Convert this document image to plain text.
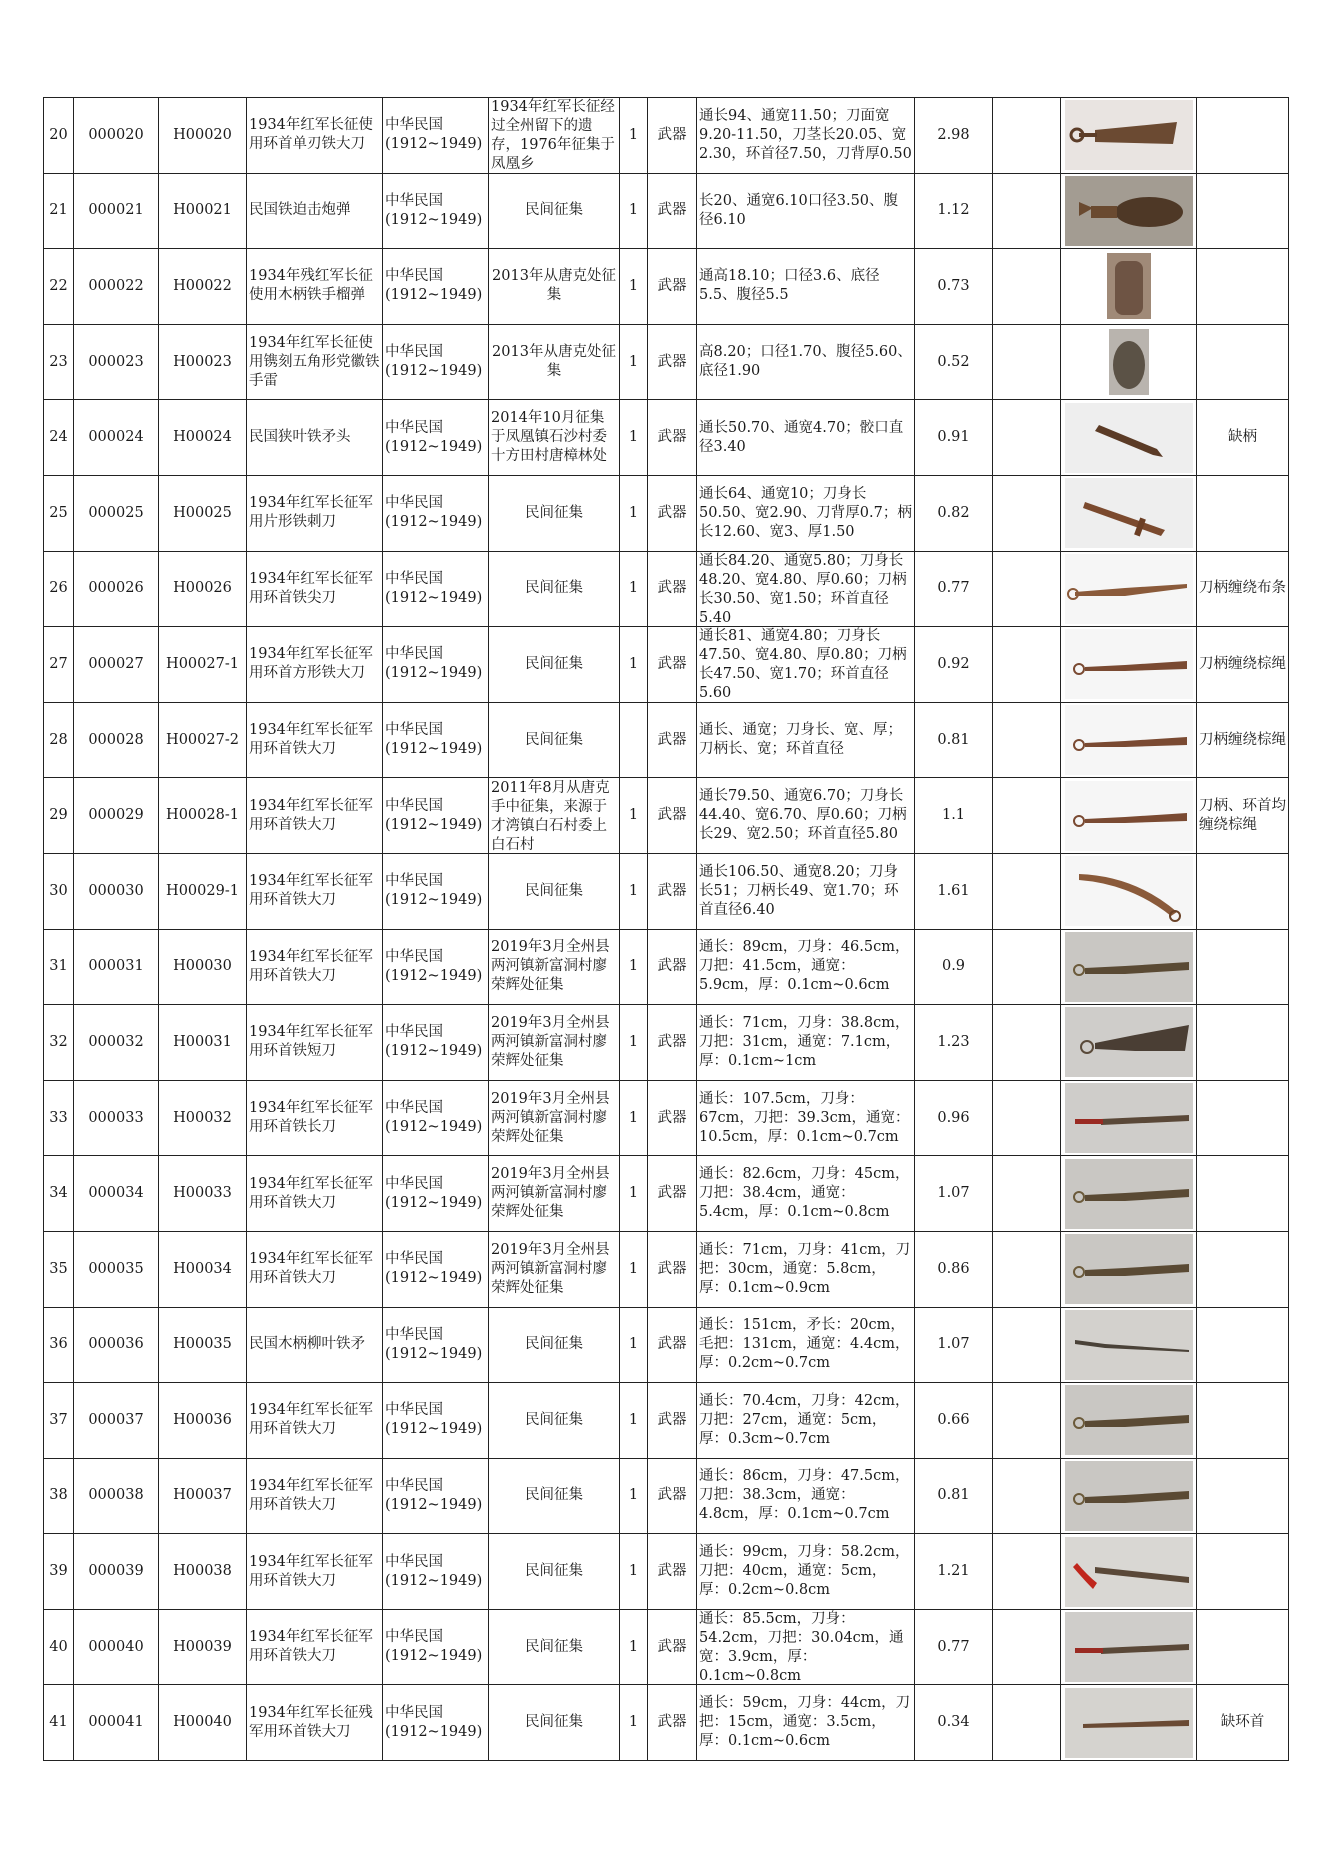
20	000020	H00020	1934年红军长征使用环首单刃铁大刀	中华民国(1912~1949)	1934年红军长征经过全州留下的遗存，1976年征集于凤凰乡	1	武器	通长94、通宽11.50；刀面宽9.20-11.50，刀茎长20.05、宽2.30，环首径7.50，刀背厚0.50	2.98

21	000021	H00021	民国铁迫击炮弹	中华民国(1912~1949)	民间征集	1	武器	长20、通宽6.10口径3.50、腹径6.10	1.12

22	000022	H00022	1934年残红军长征使用木柄铁手榴弹	中华民国(1912~1949)	2013年从唐克处征集	1	武器	通高18.10；口径3.6、底径5.5、腹径5.5	0.73

23	000023	H00023	1934年红军长征使用镌刻五角形党徽铁手雷	中华民国(1912~1949)	2013年从唐克处征集	1	武器	高8.20；口径1.70、腹径5.60、底径1.90	0.52

24	000024	H00024	民国狭叶铁矛头	中华民国(1912~1949)	2014年10月征集于凤凰镇石沙村委十方田村唐樟林处	1	武器	通长50.70、通宽4.70；骹口直径3.40	0.91			缺柄

25	000025	H00025	1934年红军长征军用片形铁刺刀	中华民国(1912~1949)	民间征集	1	武器	通长64、通宽10；刀身长50.50、宽2.90、刀背厚0.7；柄长12.60、宽3、厚1.50	0.82

26	000026	H00026	1934年红军长征军用环首铁尖刀	中华民国(1912~1949)	民间征集	1	武器	通长84.20、通宽5.80；刀身长48.20、宽4.80、厚0.60；刀柄长30.50、宽1.50；环首直径5.40	0.77			刀柄缠绕布条

27	000027	H00027-1	1934年红军长征军用环首方形铁大刀	中华民国(1912~1949)	民间征集	1	武器	通长81、通宽4.80；刀身长47.50、宽4.80、厚0.80；刀柄长47.50、宽1.70；环首直径5.60	0.92			刀柄缠绕棕绳

28	000028	H00027-2	1934年红军长征军用环首铁大刀	中华民国(1912~1949)	民间征集		武器	通长、通宽；刀身长、宽、厚；刀柄长、宽；环首直径	0.81			刀柄缠绕棕绳

29	000029	H00028-1	1934年红军长征军用环首铁大刀	中华民国(1912~1949)	2011年8月从唐克手中征集，来源于才湾镇白石村委上白石村	1	武器	通长79.50、通宽6.70；刀身长44.40、宽6.70、厚0.60；刀柄长29、宽2.50；环首直径5.80	1.1			刀柄、环首均缠绕棕绳

30	000030	H00029-1	1934年红军长征军用环首铁大刀	中华民国(1912~1949)	民间征集	1	武器	通长106.50、通宽8.20；刀身长51；刀柄长49、宽1.70；环首直径6.40	1.61

31	000031	H00030	1934年红军长征军用环首铁大刀	中华民国(1912~1949)	2019年3月全州县两河镇新富洞村廖荣辉处征集	1	武器	通长：89cm，刀身：46.5cm，刀把：41.5cm，通宽：5.9cm，厚：0.1cm~0.6cm	0.9

32	000032	H00031	1934年红军长征军用环首铁短刀	中华民国(1912~1949)	2019年3月全州县两河镇新富洞村廖荣辉处征集	1	武器	通长：71cm，刀身：38.8cm，刀把：31cm，通宽：7.1cm，厚：0.1cm~1cm	1.23

33	000033	H00032	1934年红军长征军用环首铁长刀	中华民国(1912~1949)	2019年3月全州县两河镇新富洞村廖荣辉处征集	1	武器	通长：107.5cm，刀身：67cm，刀把：39.3cm，通宽：10.5cm，厚：0.1cm~0.7cm	0.96

34	000034	H00033	1934年红军长征军用环首铁大刀	中华民国(1912~1949)	2019年3月全州县两河镇新富洞村廖荣辉处征集	1	武器	通长：82.6cm，刀身：45cm，刀把：38.4cm，通宽：5.4cm，厚：0.1cm~0.8cm	1.07

35	000035	H00034	1934年红军长征军用环首铁大刀	中华民国(1912~1949)	2019年3月全州县两河镇新富洞村廖荣辉处征集	1	武器	通长：71cm，刀身：41cm，刀把：30cm，通宽：5.8cm，厚：0.1cm~0.9cm	0.86

36	000036	H00035	民国木柄柳叶铁矛	中华民国(1912~1949)	民间征集	1	武器	通长：151cm，矛长：20cm，毛把：131cm，通宽：4.4cm，厚：0.2cm~0.7cm	1.07

37	000037	H00036	1934年红军长征军用环首铁大刀	中华民国(1912~1949)	民间征集	1	武器	通长：70.4cm，刀身：42cm，刀把：27cm，通宽：5cm，厚：0.3cm~0.7cm	0.66

38	000038	H00037	1934年红军长征军用环首铁大刀	中华民国(1912~1949)	民间征集	1	武器	通长：86cm，刀身：47.5cm，刀把：38.3cm，通宽：4.8cm，厚：0.1cm~0.7cm	0.81

39	000039	H00038	1934年红军长征军用环首铁大刀	中华民国(1912~1949)	民间征集	1	武器	通长：99cm，刀身：58.2cm，刀把：40cm，通宽：5cm，厚：0.2cm~0.8cm	1.21

40	000040	H00039	1934年红军长征军用环首铁大刀	中华民国(1912~1949)	民间征集	1	武器	通长：85.5cm，刀身：54.2cm，刀把：30.04cm，通宽：3.9cm，厚：0.1cm~0.8cm	0.77

41	000041	H00040	1934年红军长征残军用环首铁大刀	中华民国(1912~1949)	民间征集	1	武器	通长：59cm，刀身：44cm，刀把：15cm，通宽：3.5cm，厚：0.1cm~0.6cm	0.34			缺环首
